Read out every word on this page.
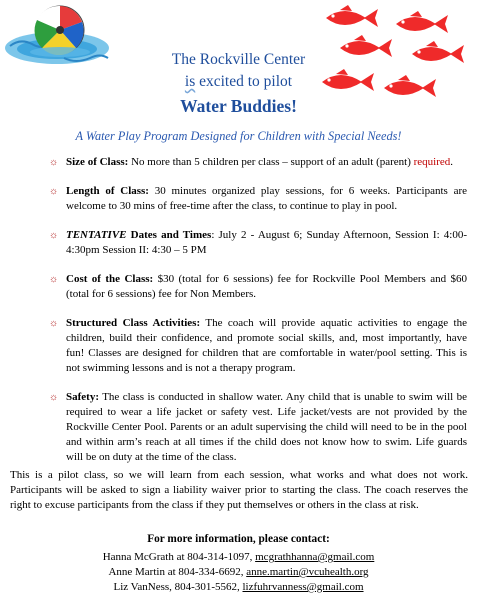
The Rockville Center
is excited to pilot
Water Buddies!
A Water Play Program Designed for Children with Special Needs!
☼ Size of Class: No more than 5 children per class – support of an adult (parent) required.
☼ Length of Class: 30 minutes organized play sessions, for 6 weeks. Participants are welcome to 30 mins of free-time after the class, to continue to play in pool.
☼ TENTATIVE Dates and Times: July 2 - August 6; Sunday Afternoon, Session I: 4:00-4:30pm Session II: 4:30 – 5 PM
☼ Cost of the Class: $30 (total for 6 sessions) fee for Rockville Pool Members and $60 (total for 6 sessions) fee for Non Members.
☼ Structured Class Activities: The coach will provide aquatic activities to engage the children, build their confidence, and promote social skills, and, most importantly, have fun! Classes are designed for children that are comfortable in water/pool setting. This is not swimming lessons and is not a therapy program.
☼ Safety: The class is conducted in shallow water. Any child that is unable to swim will be required to wear a life jacket or safety vest. Life jacket/vests are not provided by the Rockville Center Pool. Parents or an adult supervising the child will need to be in the pool and within arm’s reach at all times if the child does not know how to swim. Life guards will be on duty at the time of the class.
This is a pilot class, so we will learn from each session, what works and what does not work. Participants will be asked to sign a liability waiver prior to starting the class. The coach reserves the right to excuse participants from the class if they put themselves or others in the class at risk.
For more information, please contact:
Hanna McGrath at 804-314-1097, mcgrathhanna@gmail.com
Anne Martin at 804-334-6692, anne.martin@vcuhealth.org
Liz VanNess, 804-301-5562, lizfuhrvanness@gmail.com
